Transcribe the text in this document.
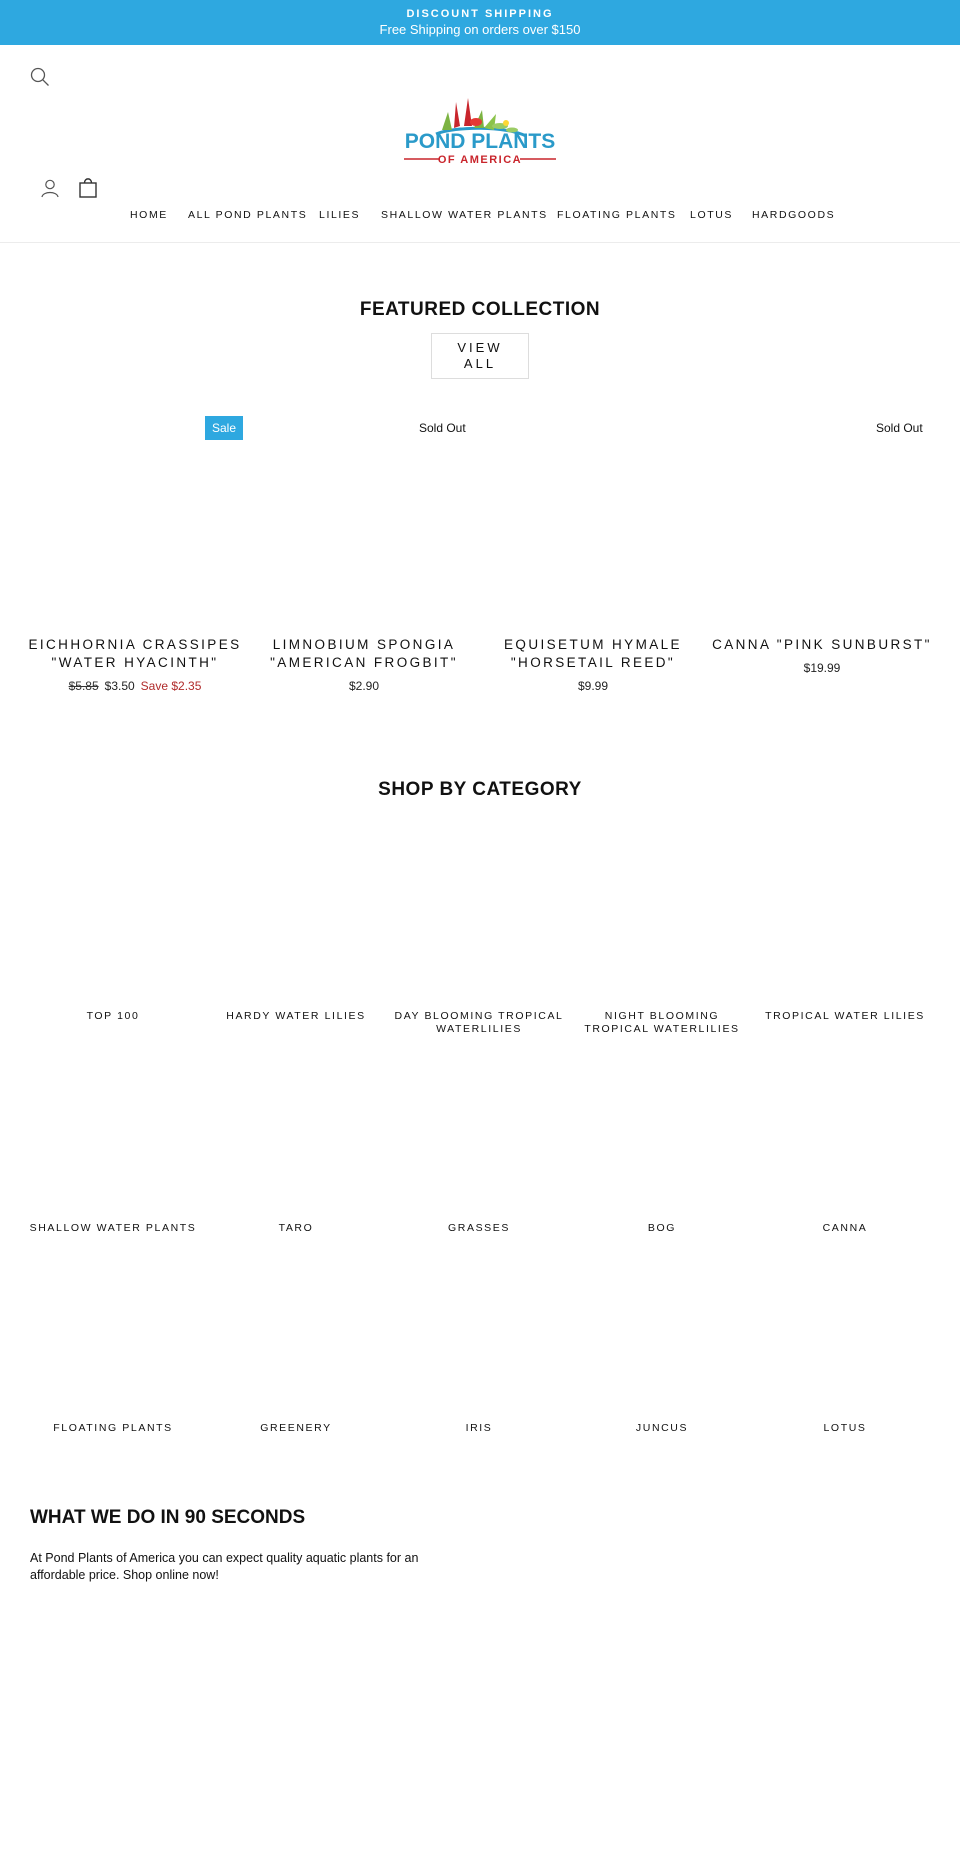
DISCOUNT SHIPPING
Free Shipping on orders over $150
POND PLANTS
OF AMERICA
HOME ALL POND PLANTS LILIES SHALLOW WATER PLANTS FLOATING PLANTS LOTUS HARDGOODS
FEATURED COLLECTION
VIEW
ALL
EICHHORNIA CRASSIPES
"WATER HYACINTH"
$5.85 $3.50 Save $2.35
Sale
LIMNOBIUM SPONGIA
"AMERICAN FROGBIT"
$2.90
Sold Out
EQUISETUM HYMALE
"HORSETAIL REED"
$9.99
CANNA "PINK SUNBURST"
$19.99
Sold Out
SHOP BY CATEGORY
TOP 100	HARDY WATER LILIES	DAY BLOOMING TROPICAL
WATERLILIES
NIGHT BLOOMING
TROPICAL WATERLILIES
TROPICAL WATER LILIES
SHALLOW WATER PLANTS	TARO	GRASSES	BOG	CANNA
FLOATING PLANTS	GREENERY	IRIS	JUNCUS	LOTUS
WHAT WE DO IN 90 SECONDS
At Pond Plants of America you can expect quality aquatic plants for an affordable price. Shop online now!
